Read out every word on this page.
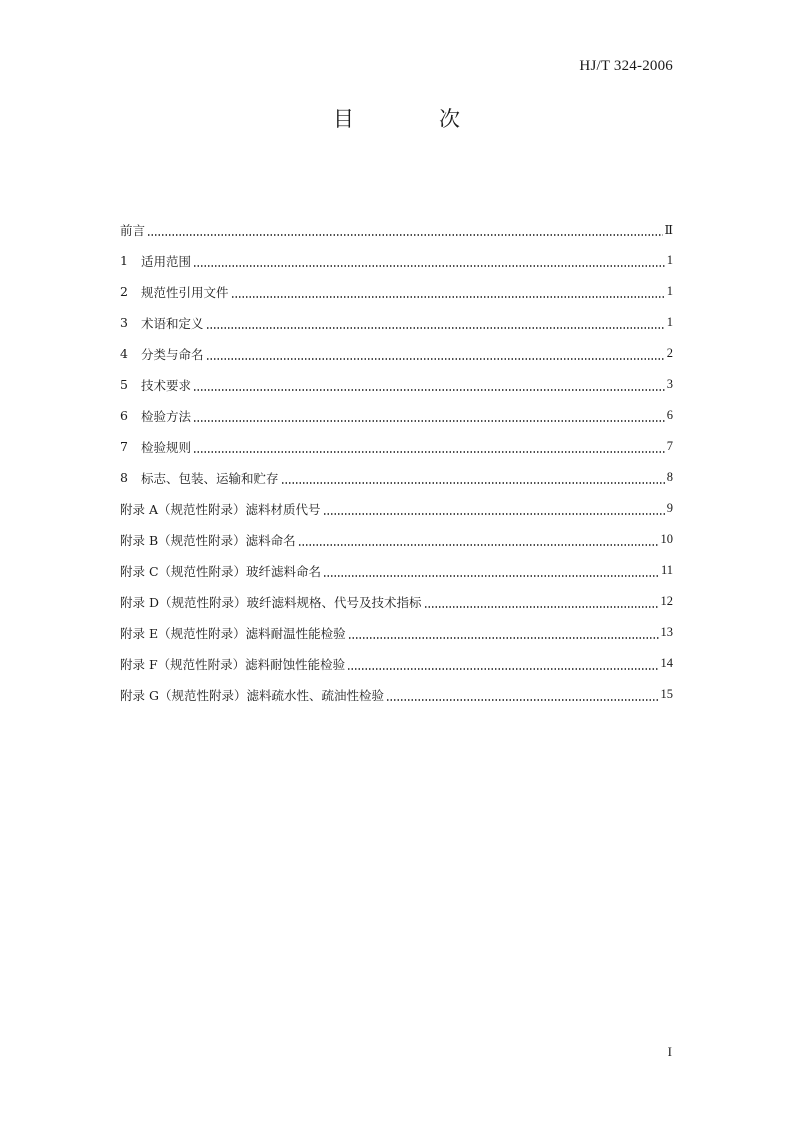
HJ/T 324-2006
目　次
前言	Ⅱ
1	适用范围	1
2	规范性引用文件	1
3	术语和定义	1
4	分类与命名	2
5	技术要求	3
6	检验方法	6
7	检验规则	7
8	标志、包装、运输和贮存	8
附录 A（规范性附录）滤料材质代号	9
附录 B（规范性附录）滤料命名	10
附录 C（规范性附录）玻纤滤料命名	11
附录 D（规范性附录）玻纤滤料规格、代号及技术指标	12
附录 E（规范性附录）滤料耐温性能检验	13
附录 F（规范性附录）滤料耐蚀性能检验	14
附录 G（规范性附录）滤料疏水性、疏油性检验	15
I
